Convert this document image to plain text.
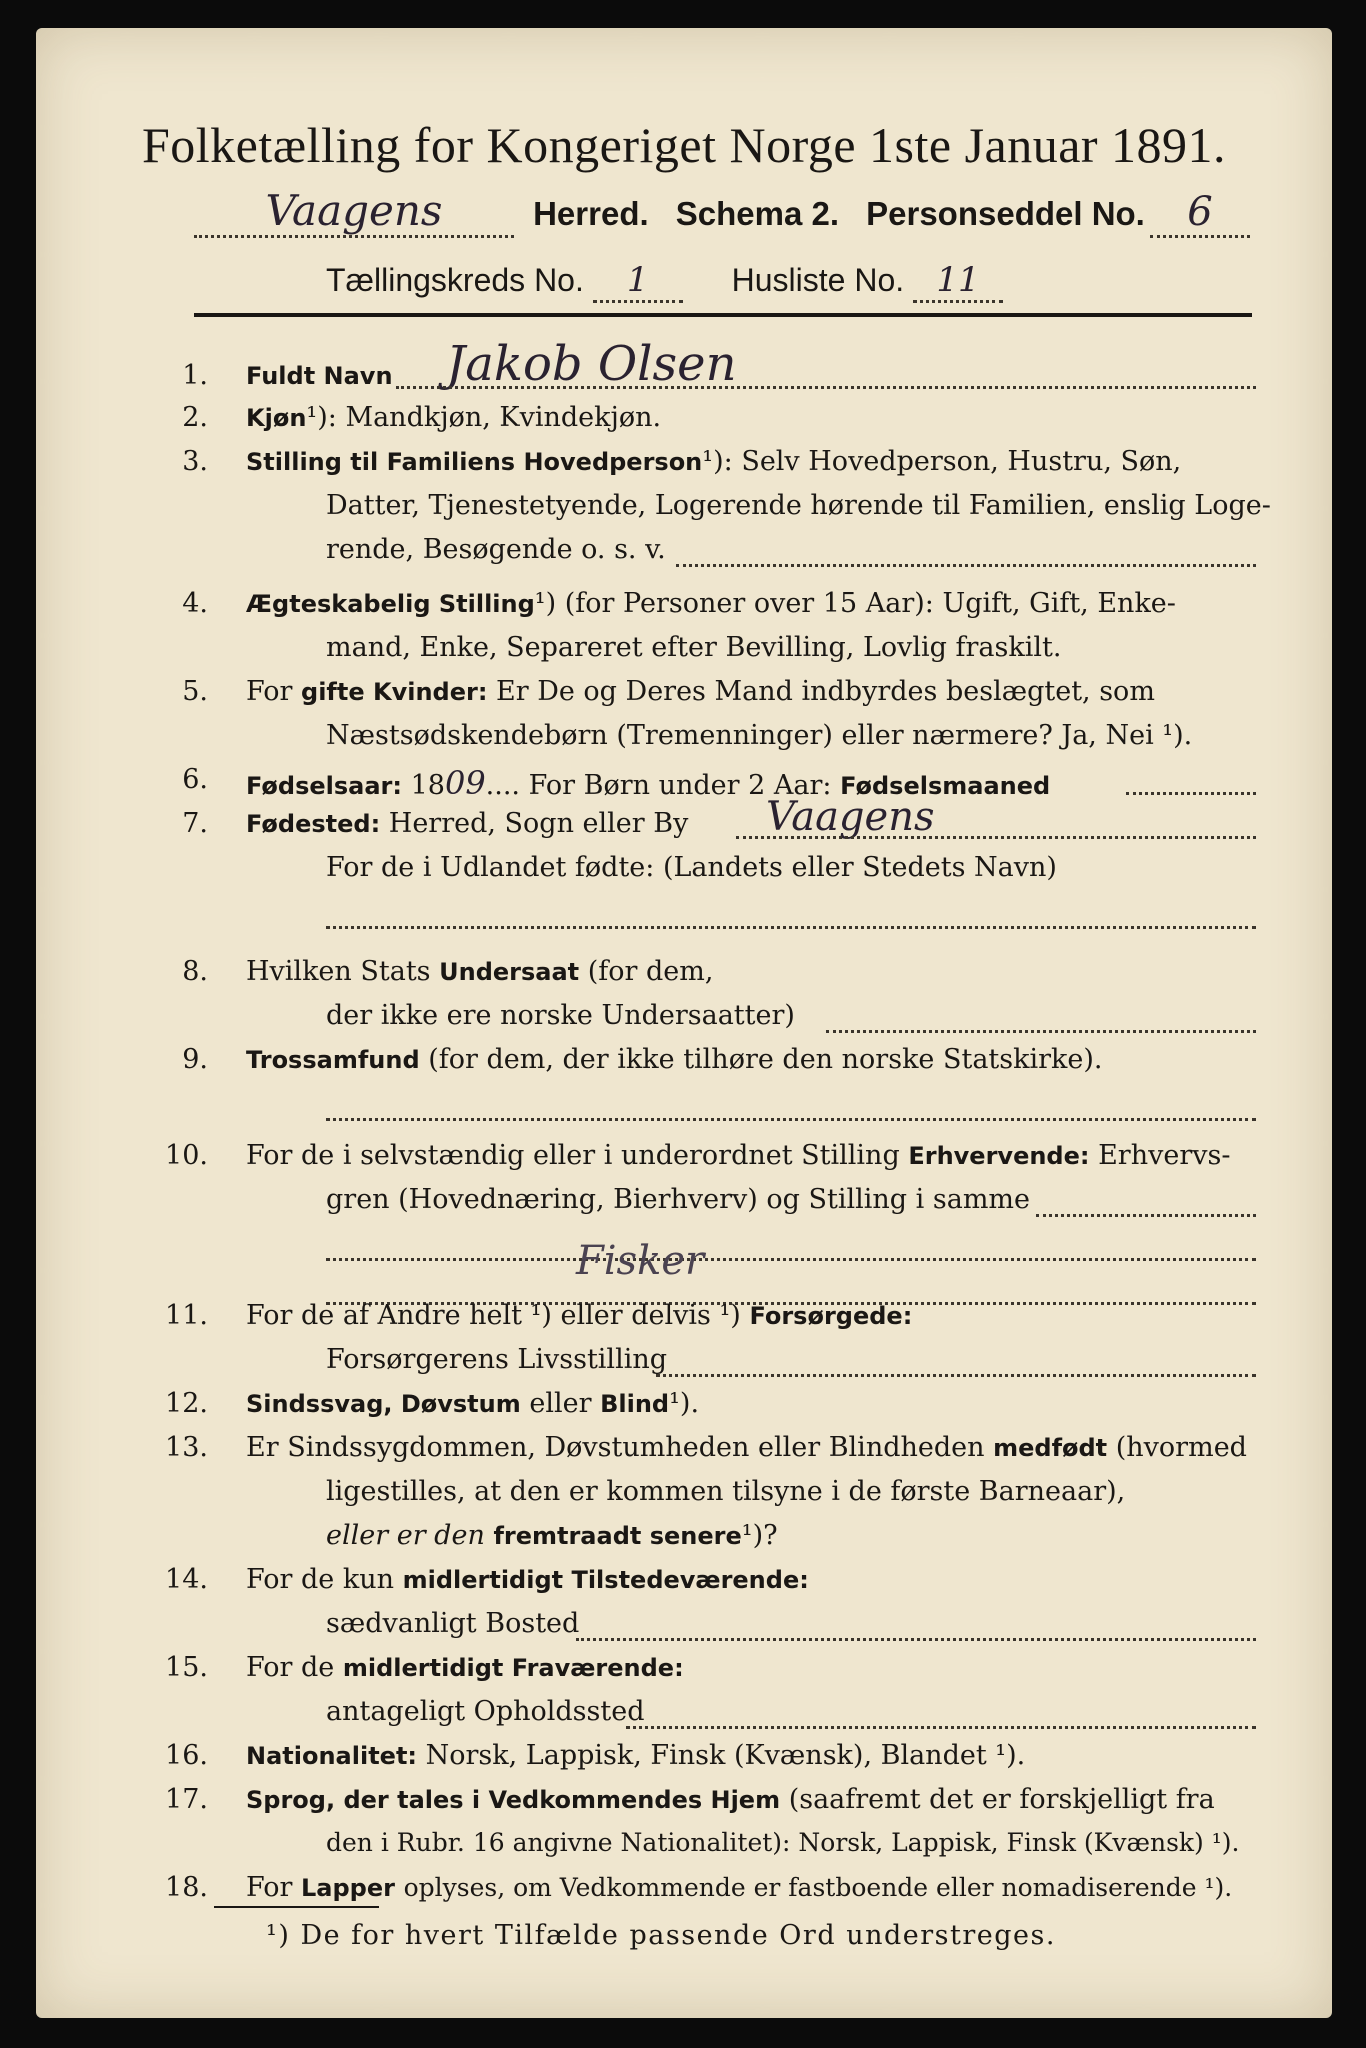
Folketælling for Kongeriget Norge 1ste Januar 1891.
Vaagens	Herred. Schema 2. Personseddel No. 6
Tællingskreds No. 1	Husliste No. 11
1. Fuldt Navn Jakob Olsen
2. Kjøn¹): Mandkjøn, Kvindekjøn.
3. Stilling til Familiens Hovedperson¹): Selv Hovedperson, Hustru, Søn,
Datter, Tjenestetyende, Logerende hørende til Familien, enslig Loge-
rende, Besøgende o. s. v.
4. Ægteskabelig Stilling¹) (for Personer over 15 Aar): Ugift, Gift, Enke-
mand, Enke, Separeret efter Bevilling, Lovlig fraskilt.
5. For gifte Kvinder: Er De og Deres Mand indbyrdes beslægtet, som
Næstsødskendebørn (Tremenninger) eller nærmere? Ja, Nei ¹).
6. Fødselsaar: 1809.... For Børn under 2 Aar: Fødselsmaaned
7. Fødested: Herred, Sogn eller By Vaagens
For de i Udlandet fødte: (Landets eller Stedets Navn)
8. Hvilken Stats Undersaat (for dem,
der ikke ere norske Undersaatter)
9. Trossamfund (for dem, der ikke tilhøre den norske Statskirke).
10. For de i selvstændig eller i underordnet Stilling Erhvervende: Erhvervs-
gren (Hovednæring, Bierhverv) og Stilling i samme
Fisker
11. For de af Andre helt ¹) eller delvis ¹) Forsørgede:
Forsørgerens Livsstilling
12. Sindssvag, Døvstum eller Blind¹).
13. Er Sindssygdommen, Døvstumheden eller Blindheden medfødt (hvormed
ligestilles, at den er kommen tilsyne i de første Barneaar),
eller er den fremtraadt senere¹)?
14. For de kun midlertidigt Tilstedeværende:
sædvanligt Bosted
15. For de midlertidigt Fraværende:
antageligt Opholdssted
16. Nationalitet: Norsk, Lappisk, Finsk (Kvænsk), Blandet ¹).
17. Sprog, der tales i Vedkommendes Hjem (saafremt det er forskjelligt fra
den i Rubr. 16 angivne Nationalitet): Norsk, Lappisk, Finsk (Kvænsk) ¹).
18. For Lapper oplyses, om Vedkommende er fastboende eller nomadiserende ¹).
¹) De for hvert Tilfælde passende Ord understreges.
